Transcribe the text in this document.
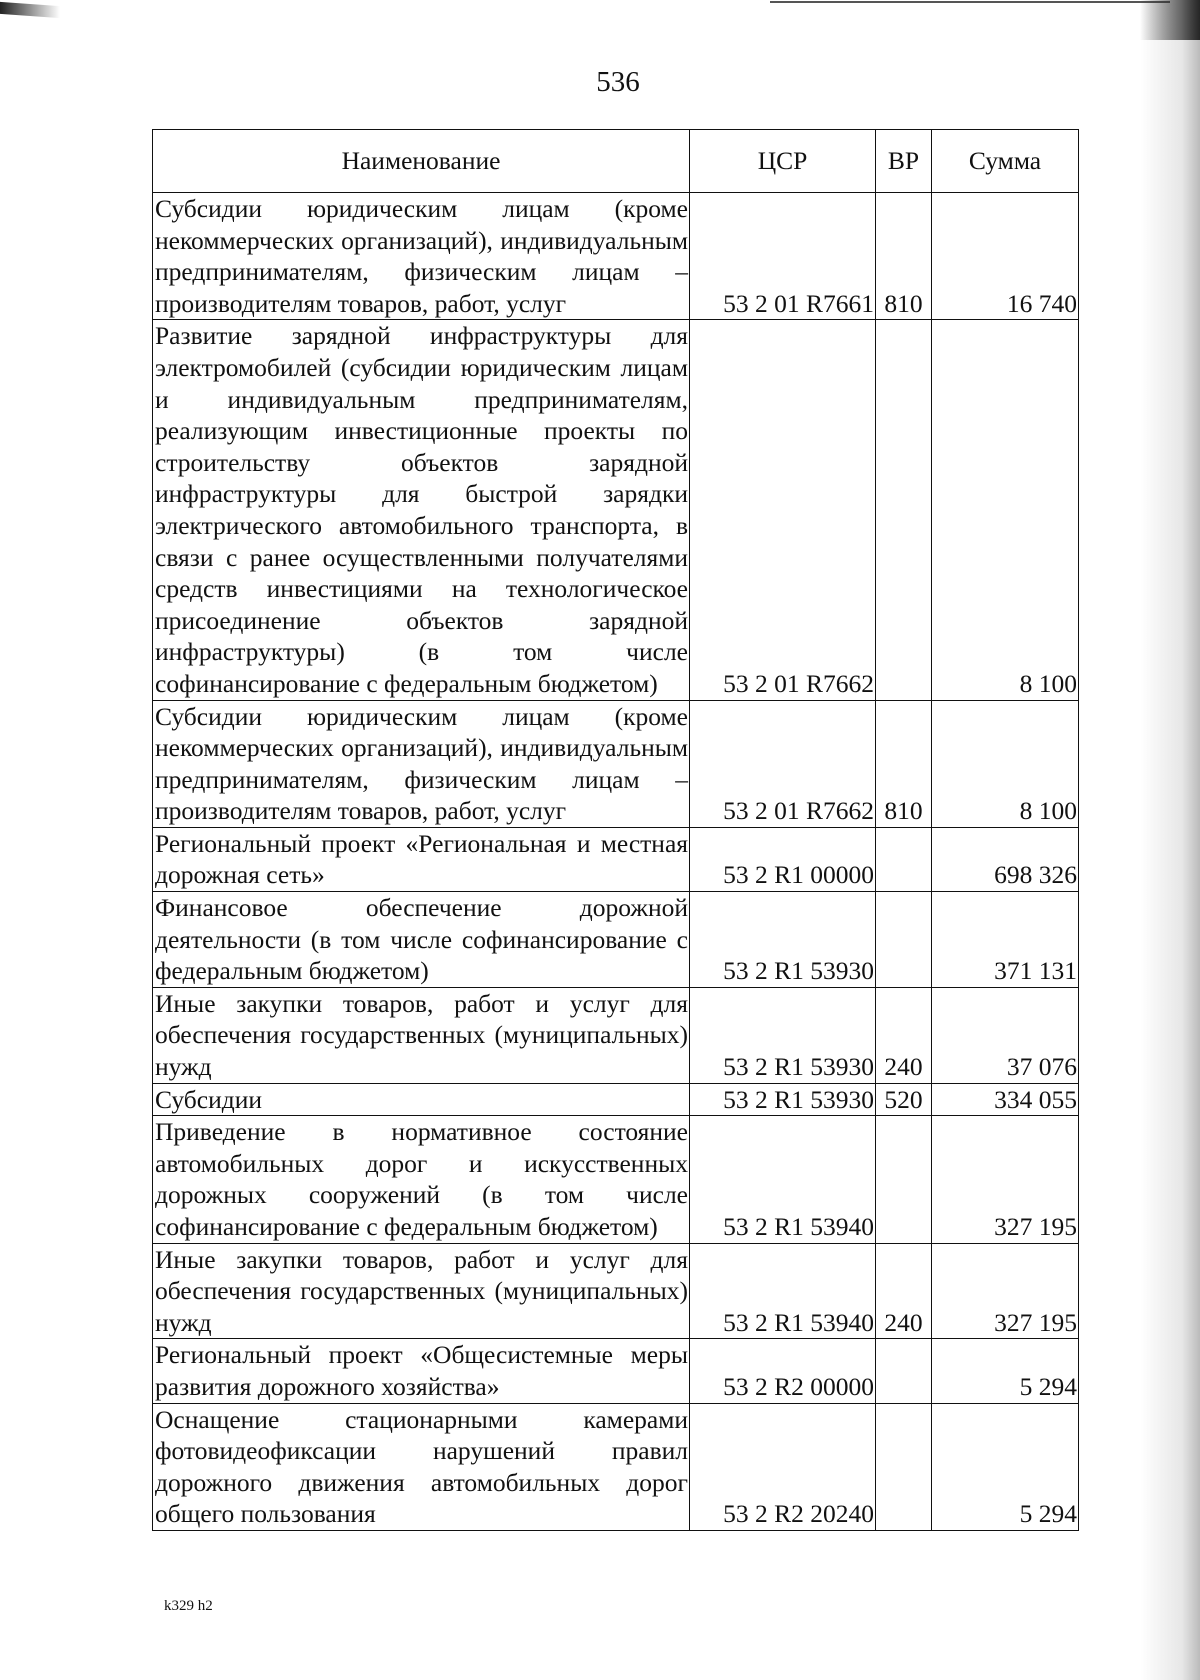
536
Наименование	ЦСР	ВР	Сумма
Субсидии юридическим лицам (кроме некоммерческих организаций), индивидуальным предпринимателям, физическим лицам – производителям товаров, работ, услуг	53 2 01 R7661	810	16 740
Развитие зарядной инфраструктуры для электромобилей (субсидии юридическим лицам и индивидуальным предпринимателям, реализующим инвестиционные проекты по строительству объектов зарядной инфраструктуры для быстрой зарядки электрического автомобильного транспорта, в связи с ранее осуществленными получателями средств инвестициями на технологическое присоединение объектов зарядной инфраструктуры) (в том числе софинансирование с федеральным бюджетом)	53 2 01 R7662		8 100
Субсидии юридическим лицам (кроме некоммерческих организаций), индивидуальным предпринимателям, физическим лицам – производителям товаров, работ, услуг	53 2 01 R7662	810	8 100
Региональный проект «Региональная и местная дорожная сеть»	53 2 R1 00000		698 326
Финансовое обеспечение дорожной деятельности (в том числе софинансирование с федеральным бюджетом)	53 2 R1 53930		371 131
Иные закупки товаров, работ и услуг для обеспечения государственных (муниципальных) нужд	53 2 R1 53930	240	37 076
Субсидии	53 2 R1 53930	520	334 055
Приведение в нормативное состояние автомобильных дорог и искусственных дорожных сооружений (в том числе софинансирование с федеральным бюджетом)	53 2 R1 53940		327 195
Иные закупки товаров, работ и услуг для обеспечения государственных (муниципальных) нужд	53 2 R1 53940	240	327 195
Региональный проект «Общесистемные меры развития дорожного хозяйства»	53 2 R2 00000		5 294
Оснащение стационарными камерами фотовидеофиксации нарушений правил дорожного движения автомобильных дорог общего пользования	53 2 R2 20240		5 294
k329 h2
